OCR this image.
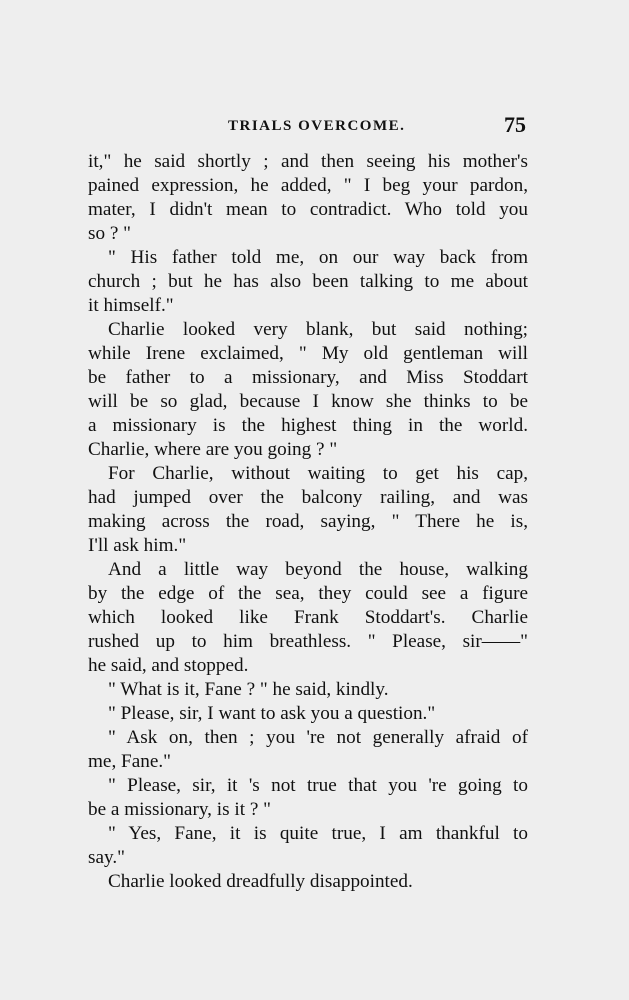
TRIALS OVERCOME.	75
it," he said shortly ; and then seeing his mother's
pained expression, he added, " I beg your pardon,
mater, I didn't mean to contradict. Who told you
so ? "
" His father told me, on our way back from
church ; but he has also been talking to me about
it himself."
Charlie looked very blank, but said nothing;
while Irene exclaimed, " My old gentleman will
be father to a missionary, and Miss Stoddart
will be so glad, because I know she thinks to be
a missionary is the highest thing in the world.
Charlie, where are you going ? "
For Charlie, without waiting to get his cap,
had jumped over the balcony railing, and was
making across the road, saying, " There he is,
I'll ask him."
And a little way beyond the house, walking
by the edge of the sea, they could see a figure
which looked like Frank Stoddart's. Charlie
rushed up to him breathless. " Please, sir——"
he said, and stopped.
" What is it, Fane ? " he said, kindly.
" Please, sir, I want to ask you a question."
" Ask on, then ; you 're not generally afraid of
me, Fane."
" Please, sir, it 's not true that you 're going to
be a missionary, is it ? "
" Yes, Fane, it is quite true, I am thankful to
say."
Charlie looked dreadfully disappointed.
